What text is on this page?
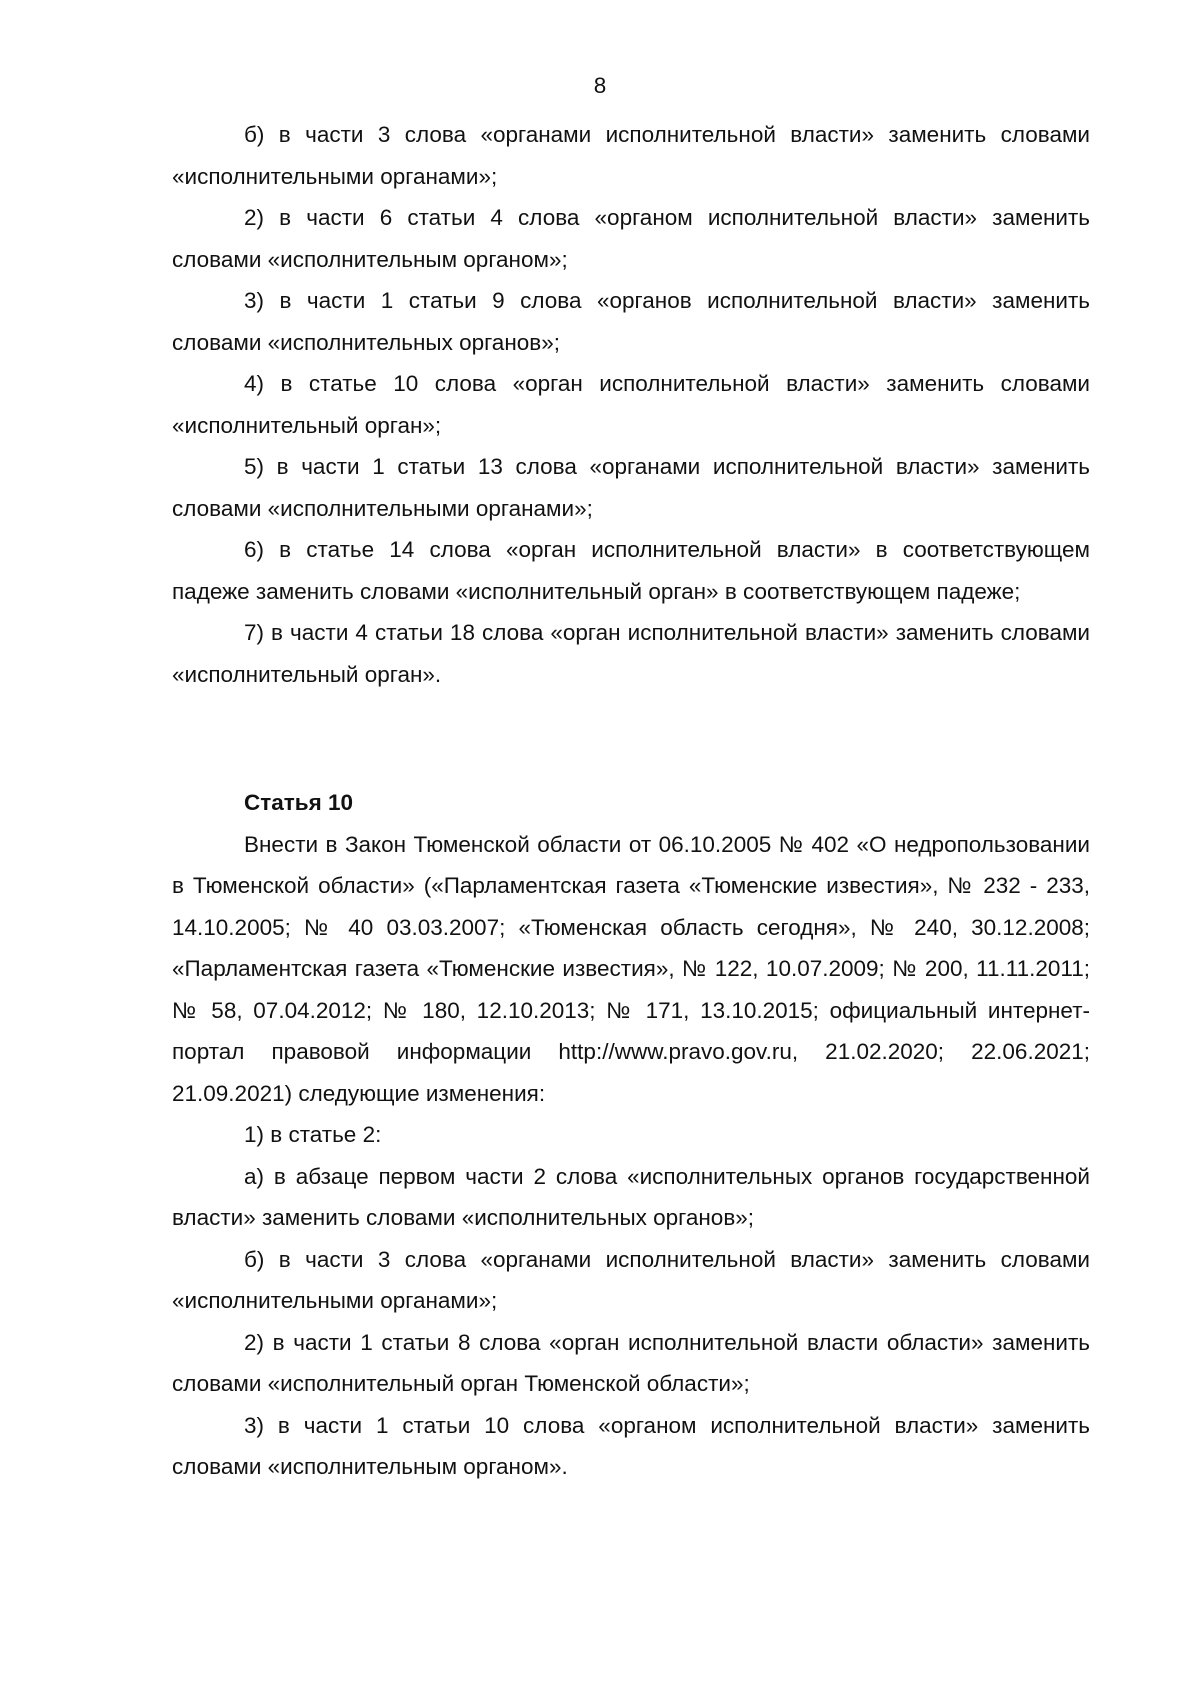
8

б) в части 3 слова «органами исполнительной власти» заменить словами «исполнительными органами»;

2) в части 6 статьи 4 слова «органом исполнительной власти» заменить словами «исполнительным органом»;

3) в части 1 статьи 9 слова «органов исполнительной власти» заменить словами «исполнительных органов»;

4) в статье 10 слова «орган исполнительной власти» заменить словами «исполнительный орган»;

5) в части 1 статьи 13 слова «органами исполнительной власти» заменить словами «исполнительными органами»;

6) в статье 14 слова «орган исполнительной власти» в соответствующем падеже заменить словами «исполнительный орган» в соответствующем падеже;

7) в части 4 статьи 18 слова «орган исполнительной власти» заменить словами «исполнительный орган».

Статья 10

Внести в Закон Тюменской области от 06.10.2005 № 402 «О недропользовании в Тюменской области» («Парламентская газета «Тюменские известия», № 232 - 233, 14.10.2005; № 40 03.03.2007; «Тюменская область сегодня», № 240, 30.12.2008; «Парламентская газета «Тюменские известия», № 122, 10.07.2009; № 200, 11.11.2011; № 58, 07.04.2012; № 180, 12.10.2013; № 171, 13.10.2015; официальный интернет-портал правовой информации http://www.pravo.gov.ru, 21.02.2020; 22.06.2021; 21.09.2021) следующие изменения:

1) в статье 2:

а) в абзаце первом части 2 слова «исполнительных органов государственной власти» заменить словами «исполнительных органов»;

б) в части 3 слова «органами исполнительной власти» заменить словами «исполнительными органами»;

2) в части 1 статьи 8 слова «орган исполнительной власти области» заменить словами «исполнительный орган Тюменской области»;

3) в части 1 статьи 10 слова «органом исполнительной власти» заменить словами «исполнительным органом».
